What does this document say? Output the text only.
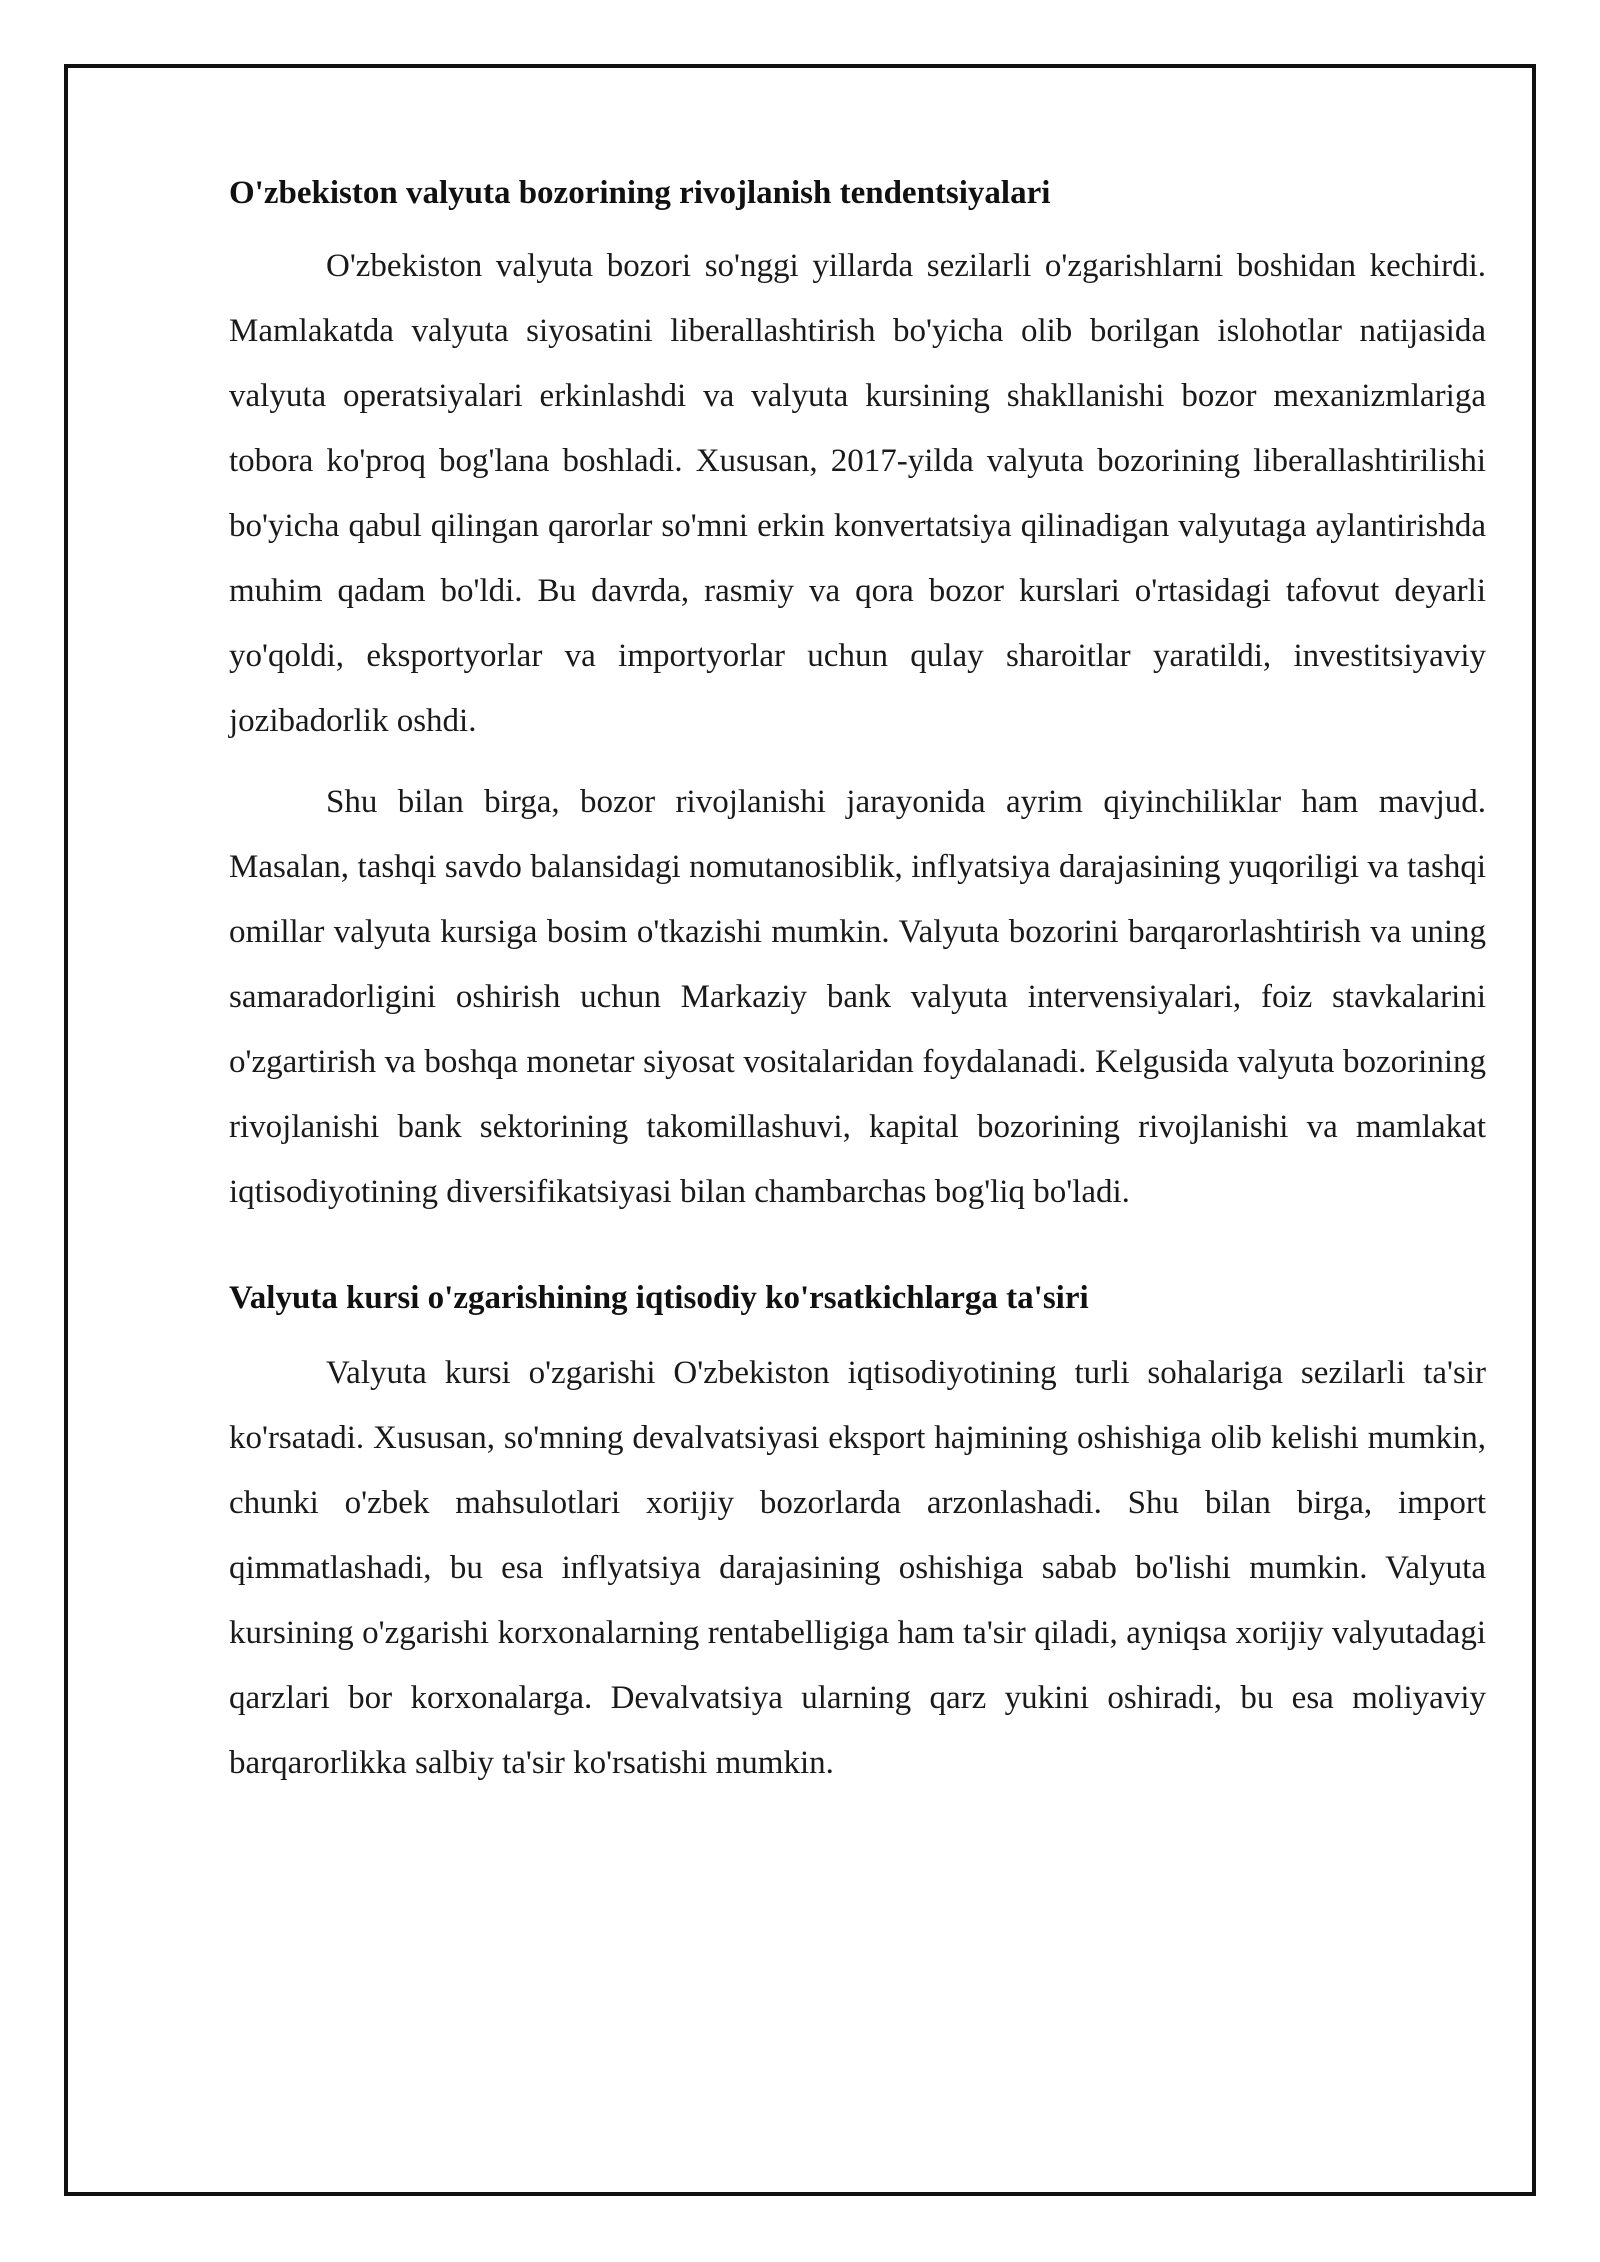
O'zbekiston valyuta bozorining rivojlanish tendentsiyalari

O'zbekiston valyuta bozori so'nggi yillarda sezilarli o'zgarishlarni boshidan kechirdi. Mamlakatda valyuta siyosatini liberallashtirish bo'yicha olib borilgan islohotlar natijasida valyuta operatsiyalari erkinlashdi va valyuta kursining shakllanishi bozor mexanizmlariga tobora ko'proq bog'lana boshladi. Xususan, 2017-yilda valyuta bozorining liberallashtirilishi bo'yicha qabul qilingan qarorlar so'mni erkin konvertatsiya qilinadigan valyutaga aylantirishda muhim qadam bo'ldi. Bu davrda, rasmiy va qora bozor kurslari o'rtasidagi tafovut deyarli yo'qoldi, eksportyorlar va importyorlar uchun qulay sharoitlar yaratildi, investitsiyaviy jozibadorlik oshdi.

Shu bilan birga, bozor rivojlanishi jarayonida ayrim qiyinchiliklar ham mavjud. Masalan, tashqi savdo balansidagi nomutanosiblik, inflyatsiya darajasining yuqoriligi va tashqi omillar valyuta kursiga bosim o'tkazishi mumkin. Valyuta bozorini barqarorlashtirish va uning samaradorligini oshirish uchun Markaziy bank valyuta intervensiyalari, foiz stavkalarini o'zgartirish va boshqa monetar siyosat vositalaridan foydalanadi. Kelgusida valyuta bozorining rivojlanishi bank sektorining takomillashuvi, kapital bozorining rivojlanishi va mamlakat iqtisodiyotining diversifikatsiyasi bilan chambarchas bog'liq bo'ladi.

Valyuta kursi o'zgarishining iqtisodiy ko'rsatkichlarga ta'siri

Valyuta kursi o'zgarishi O'zbekiston iqtisodiyotining turli sohalariga sezilarli ta'sir ko'rsatadi. Xususan, so'mning devalvatsiyasi eksport hajmining oshishiga olib kelishi mumkin, chunki o'zbek mahsulotlari xorijiy bozorlarda arzonlashadi. Shu bilan birga, import qimmatlashadi, bu esa inflyatsiya darajasining oshishiga sabab bo'lishi mumkin. Valyuta kursining o'zgarishi korxonalarning rentabelligiga ham ta'sir qiladi, ayniqsa xorijiy valyutadagi qarzlari bor korxonalarga. Devalvatsiya ularning qarz yukini oshiradi, bu esa moliyaviy barqarorlikka salbiy ta'sir ko'rsatishi mumkin.
